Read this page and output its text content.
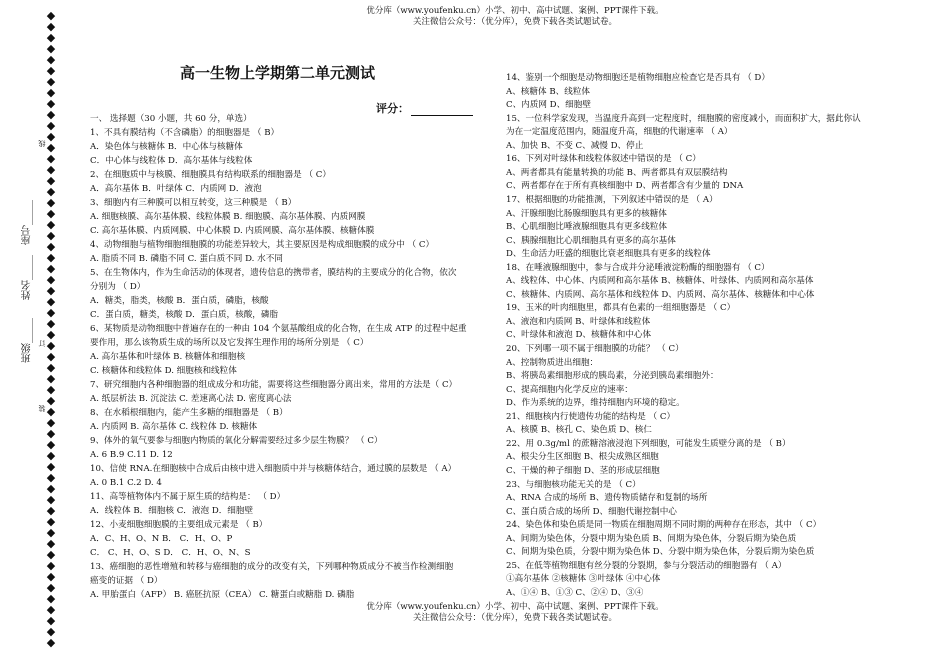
优分库（www.youfenku.cn）小学、初中、高中试题、案例、PPT课件下载。
关注微信公众号：（优分库），免费下载各类试题试卷。
◆
◆
◆
◆
◆
◆
◆
◆
◆
◆
◆
◆
◆
◆
◆
◆
◆
◆
◆
◆
◆
◆
◆
◆
◆
◆
◆
◆
◆
◆
◆
◆
◆
◆
◆
◆
◆
◆
◆
◆
◆
◆
◆
◆
◆
◆
◆
◆
◆
◆
◆
◆
◆
◆
◆
◆
◆
◆
班级_____
姓名_____
座号_____
线
订
装
高一生物上学期第二单元测试
评分：
一、 选择题（30 小题，共 60 分，单选）
1、不具有膜结构（不含磷脂）的细胞器是 （ B）
A．染色体与核糖体 B．中心体与核糖体
C．中心体与线粒体 D．高尔基体与线粒体
2、在细胞质中与核膜、细胞膜具有结构联系的细胞器是 （ C）
A．高尔基体 B．叶绿体 C．内质网 D．液泡
3、细胞内有三种膜可以相互转变，这三种膜是 （ B）
A. 细胞核膜、高尔基体膜、线粒体膜 B. 细胞膜、高尔基体膜、内质网膜
C. 高尔基体膜、内质网膜、中心体膜 D. 内质网膜、高尔基体膜、核糖体膜
4、动物细胞与植物细胞细胞膜的功能差异较大，其主要原因是构成细胞膜的成分中 （ C）
A. 脂质不同 B. 磷脂不同 C. 蛋白质不同 D. 水不同
5、在生物体内，作为生命活动的体现者，遗传信息的携带者，膜结构的主要成分的化合物，依次
分别为 （ D）
A．糖类，脂类，核酸 B．蛋白质，磷脂，核酸
C．蛋白质，糖类，核酸 D．蛋白质，核酸，磷脂
6、某物质是动物细胞中普遍存在的一种由 104 个氨基酸组成的化合物，在生成 ATP 的过程中起重
要作用，那么该物质生成的场所以及它发挥生理作用的场所分别是 （ C）
A. 高尔基体和叶绿体 B. 核糖体和细胞核
C. 核糖体和线粒体 D. 细胞核和线粒体
7、研究细胞内各种细胞器的组成成分和功能，需要将这些细胞器分离出来，常用的方法是（ C）
A. 纸层析法 B. 沉淀法 C. 差速离心法 D. 密度离心法
8、在水稻根细胞内，能产生多糖的细胞器是 （ B）
A. 内质网 B. 高尔基体 C. 线粒体 D. 核糖体
9、体外的氧气要参与细胞内物质的氧化分解需要经过多少层生物膜？ （ C）
A. 6 B.9 C.11 D. 12
10、信使 RNA.在细胞核中合成后由核中进入细胞质中并与核糖体结合，通过膜的层数是 （ A）
A. 0 B.1 C.2 D. 4
11、高等植物体内不属于原生质的结构是： （ D）
A．线粒体 B．细胞核 C．液泡 D．细胞壁
12、小麦细胞细胞膜的主要组成元素是 （ B）
A．C、H、O、N B． C．H、O、P
C． C、H、O、S D． C．H、O、N、S
13、癌细胞的恶性增殖和转移与癌细胞的成分的改变有关，下列哪种物质成分不被当作检测细胞
癌变的证据 （ D）
A. 甲胎蛋白（AFP） B. 癌胚抗原（CEA） C. 糖蛋白或糖脂 D. 磷脂
14、鉴别一个细胞是动物细胞还是植物细胞应检查它是否具有 （ D）
A、核糖体 B、线粒体
C、内质网 D、细胞壁
15、一位科学家发现，当温度升高到一定程度时，细胞膜的密度减小，而面积扩大，据此你认
为在一定温度范围内，随温度升高，细胞的代谢速率 （ A）
A、加快 B、不变 C、减慢 D、停止
16、下列对叶绿体和线粒体叙述中错误的是 （ C）
A、两者都具有能量转换的功能 B、两者都具有双层膜结构
C、两者都存在于所有真核细胞中 D、两者都含有少量的 DNA
17、根据细胞的功能推测，下列叙述中错误的是 （ A）
A、汗腺细胞比肠腺细胞具有更多的核糖体
B、心肌细胞比唾液腺细胞具有更多线粒体
C、胰腺细胞比心肌细胞具有更多的高尔基体
D、生命活力旺盛的细胞比衰老细胞具有更多的线粒体
18、在唾液腺细胞中，参与合成并分泌唾液淀粉酶的细胞器有 （ C）
A、线粒体、中心体、内质网和高尔基体 B、核糖体、叶绿体、内质网和高尔基体
C、核糖体、内质网、高尔基体和线粒体 D、内质网、高尔基体、核糖体和中心体
19、玉米的叶肉细胞里，都具有色素的一组细胞器是 （ C）
A、液泡和内质网 B、叶绿体和线粒体
C、叶绿体和液泡 D、核糖体和中心体
20、下列哪一项不属于细胞膜的功能？ （ C）
A、控制物质进出细胞：
B、将胰岛素细胞形成的胰岛素，分泌到胰岛素细胞外：
C、提高细胞内化学反应的速率：
D、作为系统的边界，维持细胞内环境的稳定。
21、细胞核内行使遗传功能的结构是 （ C）
A、核膜 B、核孔 C、染色质 D、核仁
22、用 0.3g/ml 的蔗糖溶液浸泡下列细胞，可能发生质壁分离的是 （ B）
A、根尖分生区细胞 B、根尖成熟区细胞
C、干燥的种子细胞 D、茎的形成层细胞
23、与细胞核功能无关的是 （ C）
A、RNA 合成的场所 B、遗传物质储存和复制的场所
C、蛋白质合成的场所 D、细胞代谢控制中心
24、染色体和染色质是同一物质在细胞周期不同时期的两种存在形态，其中 （ C）
A、间期为染色体，分裂中期为染色质 B、间期为染色体，分裂后期为染色质
C、间期为染色质，分裂中期为染色体 D、分裂中期为染色体，分裂后期为染色质
25、在低等植物细胞有丝分裂的分裂期，参与分裂活动的细胞器有 （ A）
①高尔基体 ②核糖体 ③叶绿体 ④中心体
A、①④ B、①③ C、②④ D、③④
优分库（www.youfenku.cn）小学、初中、高中试题、案例、PPT课件下载。
关注微信公众号：（优分库），免费下载各类试题试卷。
